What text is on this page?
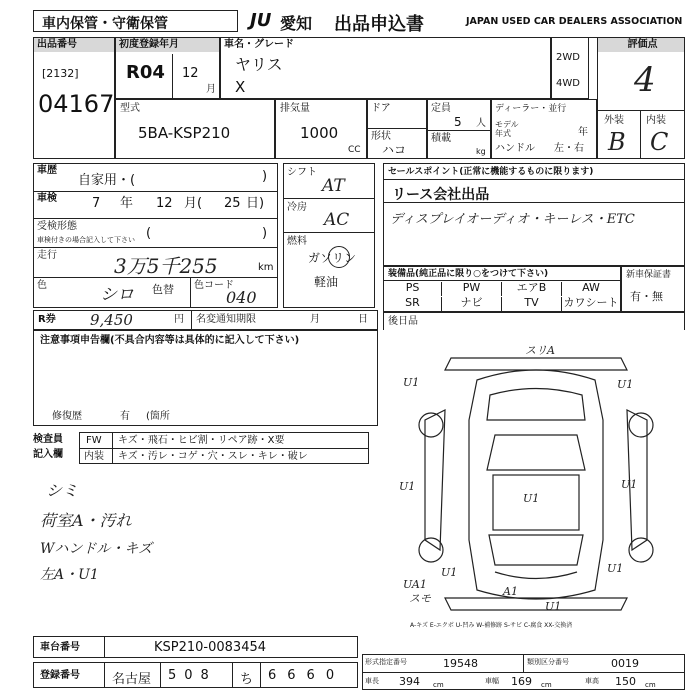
車内保管・守衛保管	JU 愛知 出品申込書	JAPAN USED CAR DEALERS ASSOCIATION
出品番号
[2132]
04167
初度登録年月
R04 12
月
車名・グレード
ヤリス
X
2WD
4WD
評価点
4
外装 内装
B C
型式
5BA-KSP210
排気量
1000
CC
ドア
形状
ハコ
定員
5 人
積載
kg
ディーラー・並行
モデル年式	年
ハンドル 左・右
車歴
自家用・(	)
車検	7 年 12 月( 25 日)
受検形態
車検付きの場合記入して下さい (	)
走行	3万5千255	km
色	シロ 色替 色コード
040
シフト
AT
冷房
AC
燃料
ガソリン
軽油
セールスポイント(正常に機能するものに限ります)
リース会社出品
ディスプレイオーディオ・キーレス・ETC
装備品(純正品に限り○をつけて下さい)
PS	PW	エアB	AW
SR	ナビ	TV	カワシート
新車保証書
有・無
R券 9,450	円 名変通知期限	月	日 後日品
注意事項申告欄(不具合内容等は具体的に記入して下さい)
修復歴	有 (箇所
検査員
記入欄
FW キズ・飛石・ヒビ割・リペア跡・X要
内装 キズ・汚レ・コゲ・穴・スレ・キレ・破レ
シミ
荷室A・汚れ
Wハンドル・キズ
左A・U1
スリA
U1	U1
U1
U1
U1
U1	U1
U1
UA1
スモ
A1
A-キズ E-エクボ U-凹み W-補修跡 S-サビ C-腐食 XX-交換済
車台番号	KSP210-0083454
登録番号 名古屋 508 ち 6660
形式指定番号	19548	類別区分番号	0019
車長 394 cm	車幅 169 cm	車高 150 cm
